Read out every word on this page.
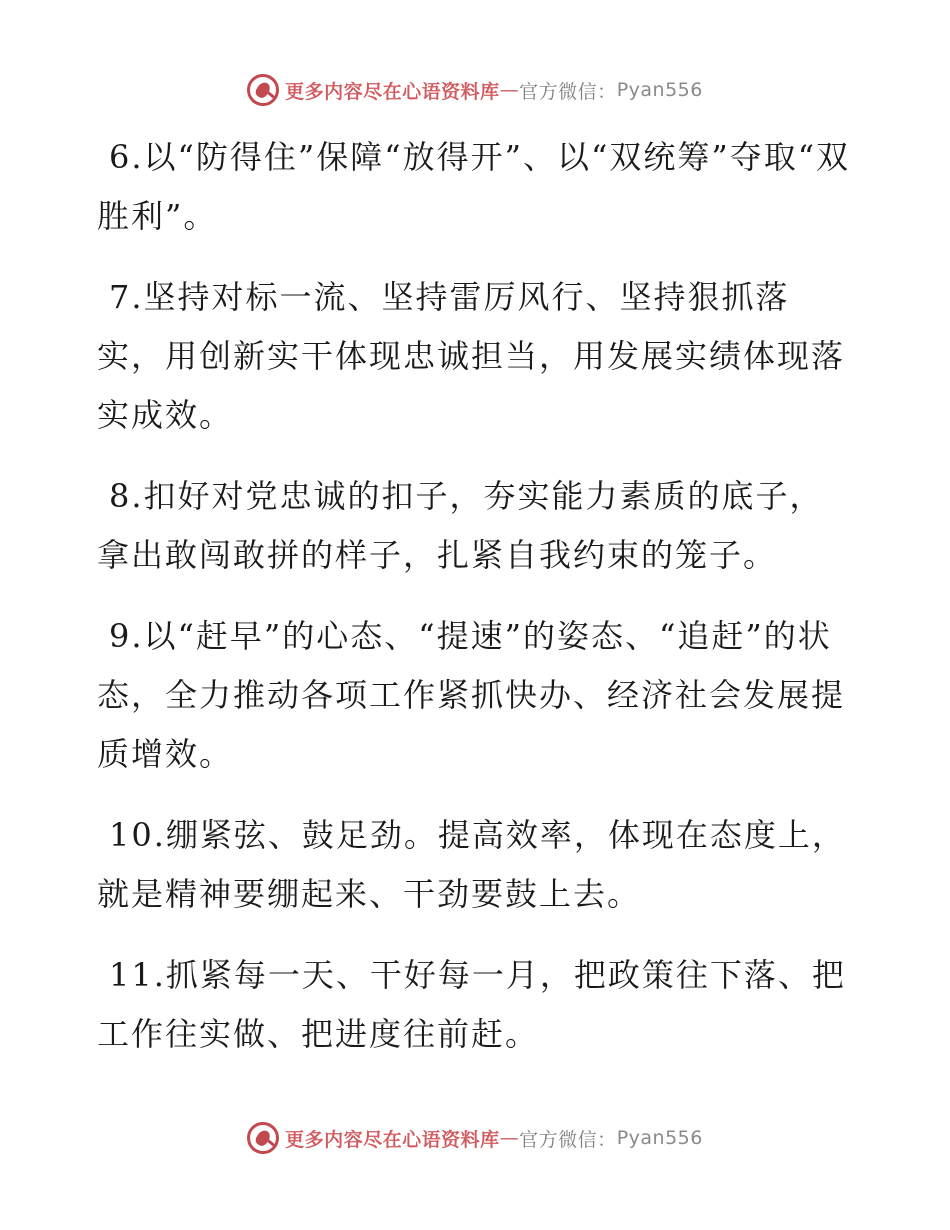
更多内容尽在心语资料库 — 官方微信： Pyan556

6.以“防得住”保障“放得开”、以“双统筹”夺取“双胜利”。

7.坚持对标一流、坚持雷厉风行、坚持狠抓落实，用创新实干体现忠诚担当，用发展实绩体现落实成效。

8.扣好对党忠诚的扣子，夯实能力素质的底子，拿出敢闯敢拼的样子，扎紧自我约束的笼子。

9.以“赶早”的心态、“提速”的姿态、“追赶”的状态，全力推动各项工作紧抓快办、经济社会发展提质增效。

10.绷紧弦、鼓足劲。提高效率，体现在态度上，就是精神要绷起来、干劲要鼓上去。

11.抓紧每一天、干好每一月，把政策往下落、把工作往实做、把进度往前赶。

更多内容尽在心语资料库 — 官方微信： Pyan556
